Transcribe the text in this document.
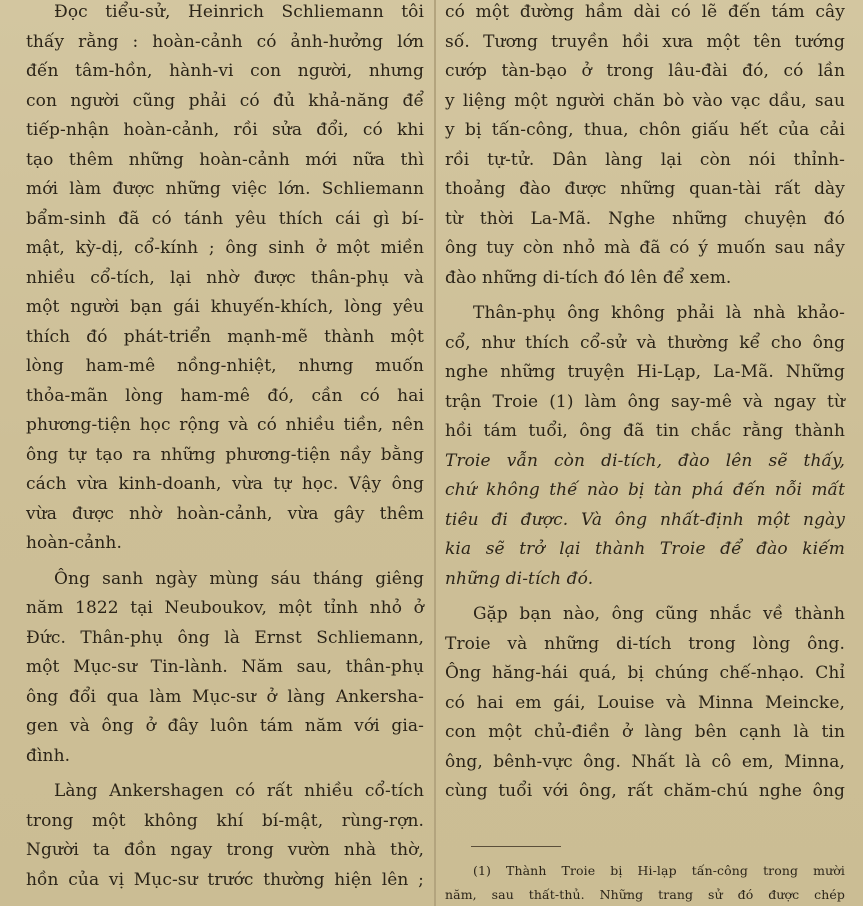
Đọc tiểu-sử, Heinrich Schliemann tôi
thấy rằng : hoàn-cảnh có ảnh-hưởng lớn
đến tâm-hồn, hành-vi con người, nhưng
con người cũng phải có đủ khả-năng để
tiếp-nhận hoàn-cảnh, rồi sửa đổi, có khi
tạo thêm những hoàn-cảnh mới nữa thì
mới làm được những việc lớn. Schliemann
bẩm-sinh đã có tánh yêu thích cái gì bí-
mật, kỳ-dị, cổ-kính ; ông sinh ở một miền
nhiều cổ-tích, lại nhờ được thân-phụ và
một người bạn gái khuyến-khích, lòng yêu
thích đó phát-triển mạnh-mẽ thành một
lòng ham-mê nồng-nhiệt, nhưng muốn
thỏa-mãn lòng ham-mê đó, cần có hai
phương-tiện học rộng và có nhiều tiền, nên
ông tự tạo ra những phương-tiện nầy bằng
cách vừa kinh-doanh, vừa tự học. Vậy ông
vừa được nhờ hoàn-cảnh, vừa gây thêm
hoàn-cảnh.
Ông sanh ngày mùng sáu tháng giêng
năm 1822 tại Neuboukov, một tỉnh nhỏ ở
Đức. Thân-phụ ông là Ernst Schliemann,
một Mục-sư Tin-lành. Năm sau, thân-phụ
ông đổi qua làm Mục-sư ở làng Ankersha-
gen và ông ở đây luôn tám năm với gia-
đình.
Làng Ankershagen có rất nhiều cổ-tích
trong một không khí bí-mật, rùng-rợn.
Người ta đồn ngay trong vườn nhà thờ,
hồn của vị Mục-sư trước thường hiện lên ;
có một đường hầm dài có lẽ đến tám cây
số. Tương truyền hồi xưa một tên tướng
cướp tàn-bạo ở trong lâu-đài đó, có lần
y liệng một người chăn bò vào vạc dầu, sau
y bị tấn-công, thua, chôn giấu hết của cải
rồi tự-tử. Dân làng lại còn nói thỉnh-
thoảng đào được những quan-tài rất dày
từ thời La-Mã. Nghe những chuyện đó
ông tuy còn nhỏ mà đã có ý muốn sau nầy
đào những di-tích đó lên để xem.
Thân-phụ ông không phải là nhà khảo-
cổ, như thích cổ-sử và thường kể cho ông
nghe những truyện Hi-Lạp, La-Mã. Những
trận Troie (1) làm ông say-mê và ngay từ
hồi tám tuổi, ông đã tin chắc rằng thành
Troie vẫn còn di-tích, đào lên sẽ thấy,
chứ không thế nào bị tàn phá đến nỗi mất
tiêu đi được. Và ông nhất-định một ngày
kia sẽ trở lại thành Troie để đào kiếm
những di-tích đó.
Gặp bạn nào, ông cũng nhắc về thành
Troie và những di-tích trong lòng ông.
Ông hăng-hái quá, bị chúng chế-nhạo. Chỉ
có hai em gái, Louise và Minna Meincke,
con một chủ-điền ở làng bên cạnh là tin
ông, bênh-vực ông. Nhất là cô em, Minna,
cùng tuổi với ông, rất chăm-chú nghe ông
(1) Thành Troie bị Hi-lạp tấn-công trong mười
năm, sau thất-thủ. Những trang sử đó được chép
